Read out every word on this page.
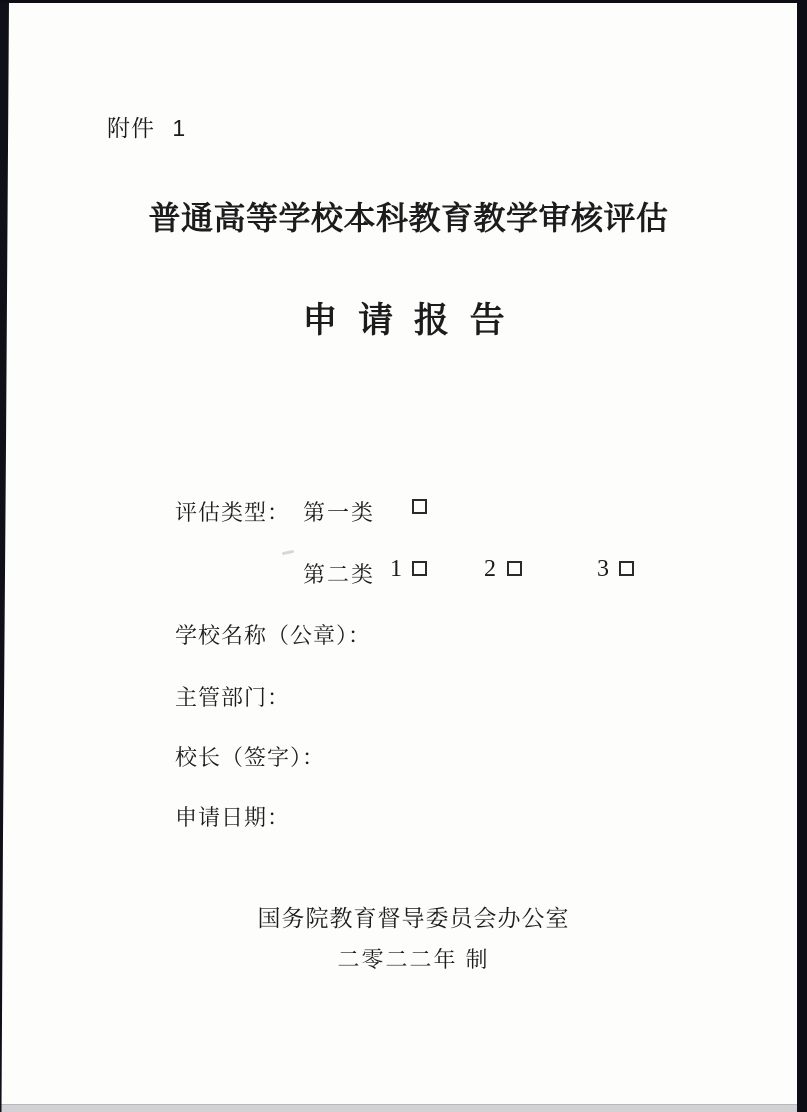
附件 1
普通高等学校本科教育教学审核评估
申 请 报 告
评估类型： 第一类
第二类 1	2	3
学校名称（公章）：
主管部门：
校长（签字）：
申请日期：
国务院教育督导委员会办公室
二零二二年 制
